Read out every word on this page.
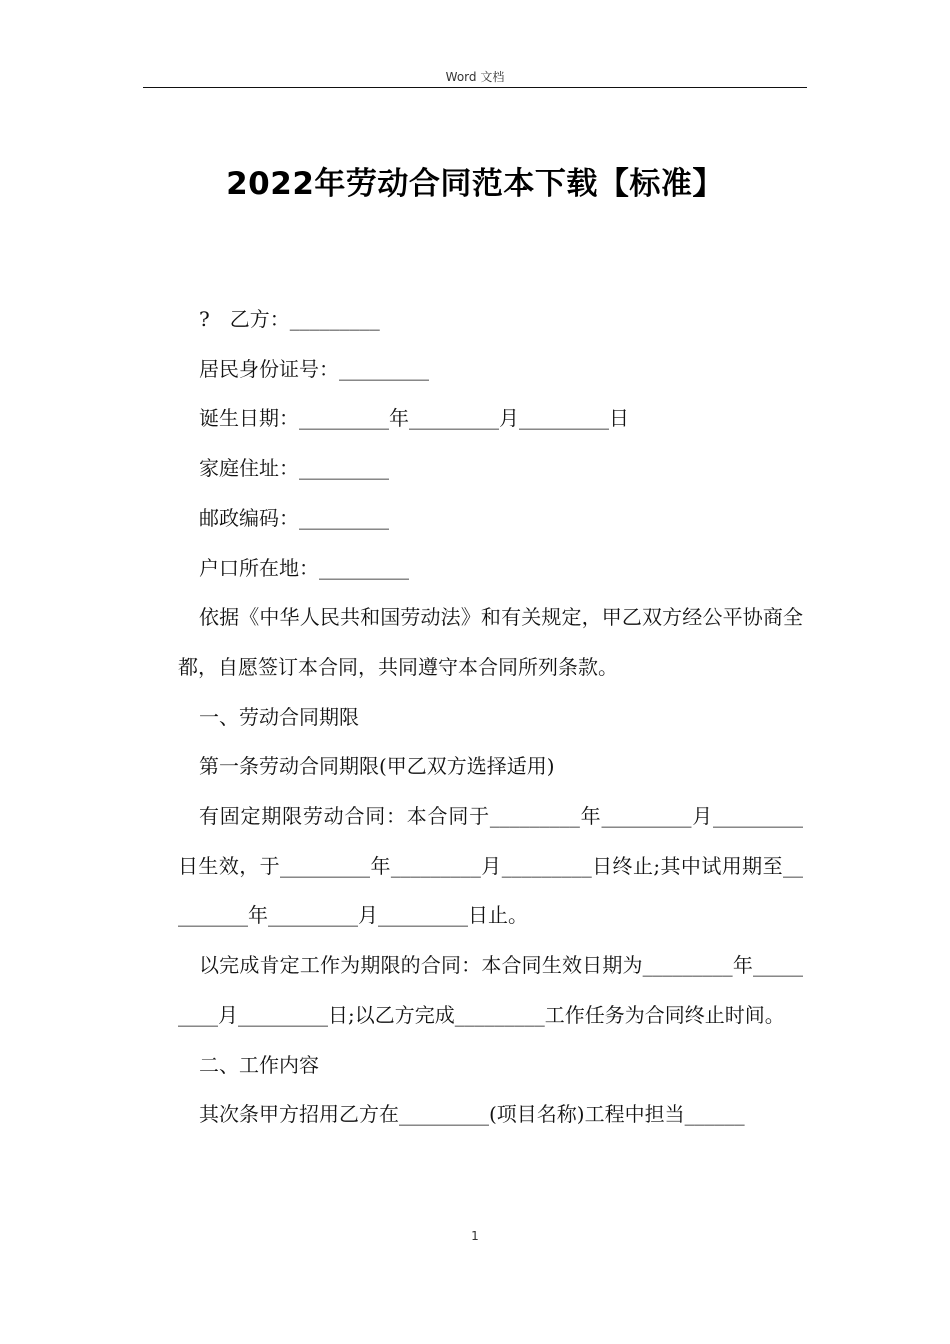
Word 文档
2022年劳动合同范本下载【标准】

?　乙方：_________

居民身份证号：_________

诞生日期：_________年_________月_________日

家庭住址：_________

邮政编码：_________

户口所在地：_________

依据《中华人民共和国劳动法》和有关规定，甲乙双方经公平协商全都，自愿签订本合同，共同遵守本合同所列条款。

一、劳动合同期限

第一条劳动合同期限(甲乙双方选择适用)

有固定期限劳动合同：本合同于_________年_________月_________日生效，于_________年_________月_________日终止;其中试用期至_________年_________月_________日止。

以完成肯定工作为期限的合同：本合同生效日期为_________年_________月_________日;以乙方完成_________工作任务为合同终止时间。

二、工作内容

其次条甲方招用乙方在_________(项目名称)工程中担当______

1
